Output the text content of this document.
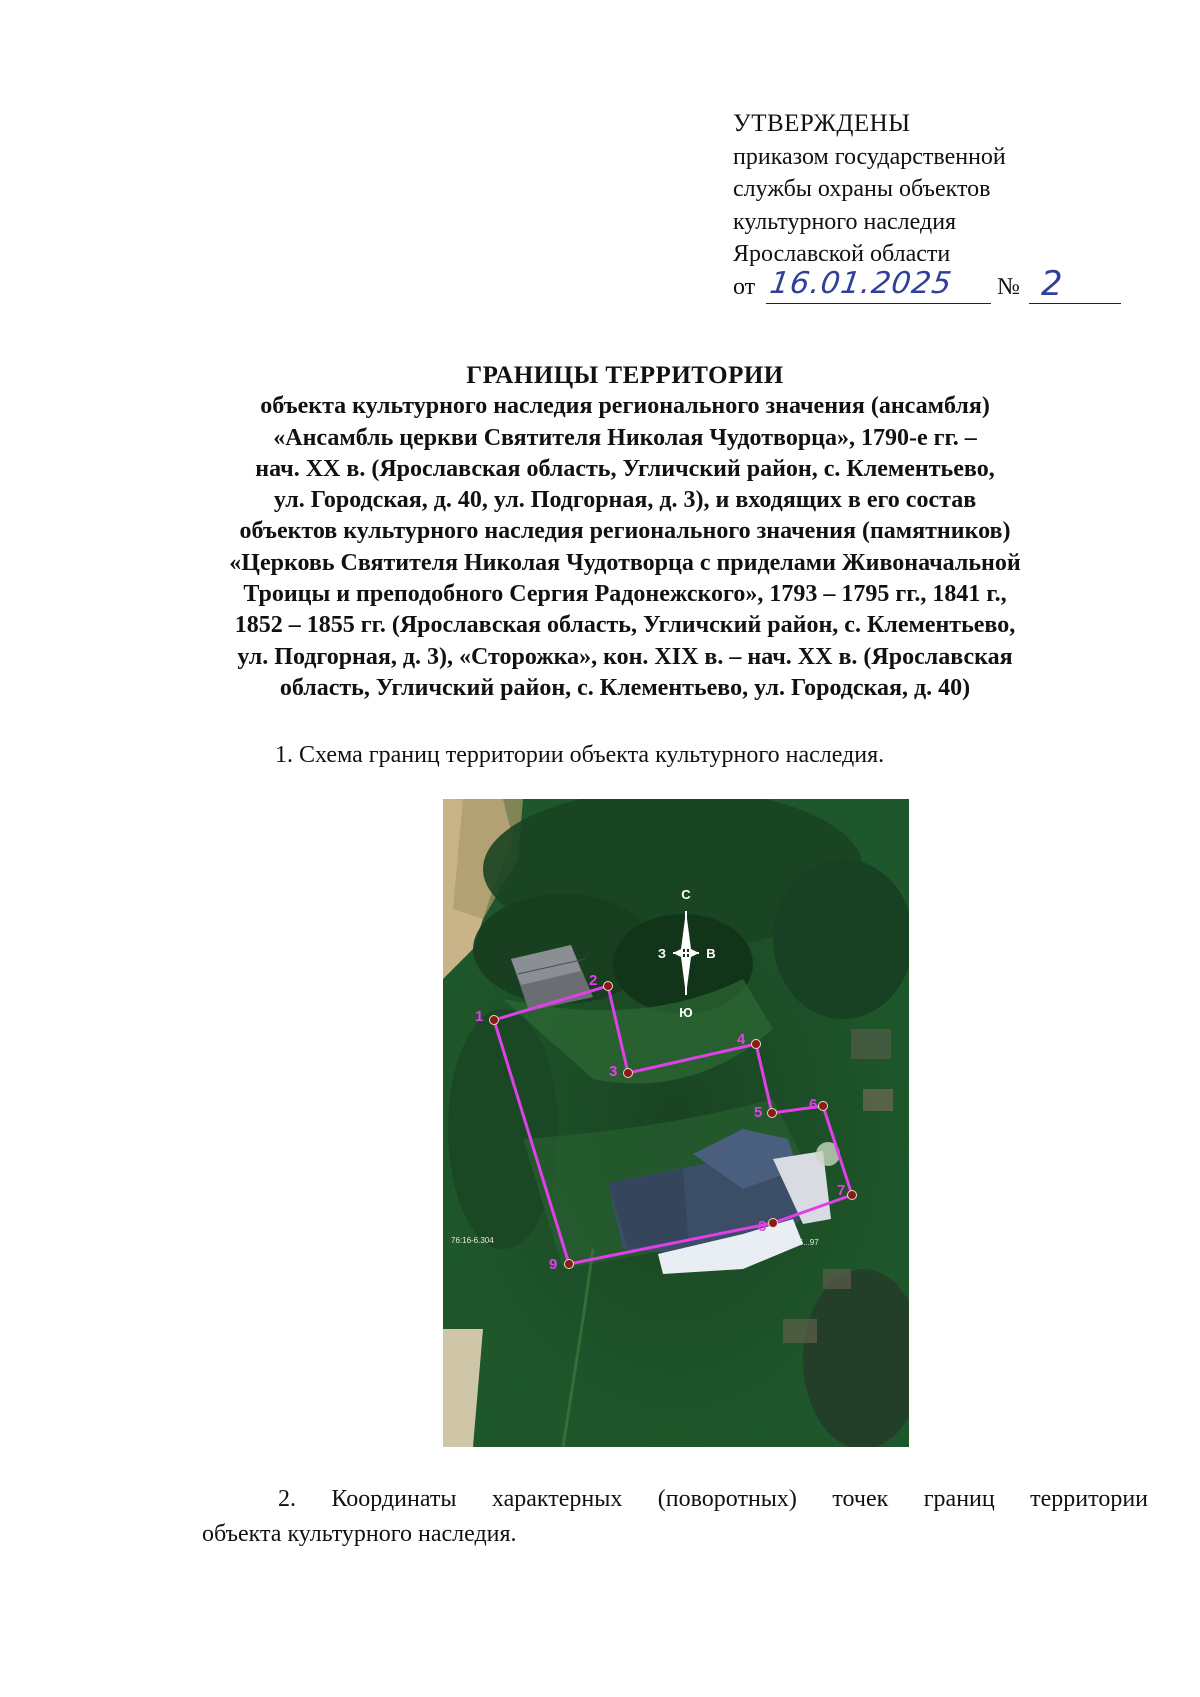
УТВЕРЖДЕНЫ
приказом государственной
службы охраны объектов
культурного наследия
Ярославской области
от 16.01.2025 № 2
ГРАНИЦЫ ТЕРРИТОРИИ
объекта культурного наследия регионального значения (ансамбля)
«Ансамбль церкви Святителя Николая Чудотворца», 1790-е гг. –
нач. XX в. (Ярославская область, Угличский район, с. Клементьево,
ул. Городская, д. 40, ул. Подгорная, д. 3), и входящих в его состав
объектов культурного наследия регионального значения (памятников)
«Церковь Святителя Николая Чудотворца с приделами Живоначальной
Троицы и преподобного Сергия Радонежского», 1793 – 1795 гг., 1841 г.,
1852 – 1855 гг. (Ярославская область, Угличский район, с. Клементьево,
ул. Подгорная, д. 3), «Сторожка», кон. XIX в. – нач. XX в. (Ярославская
область, Угличский район, с. Клементьево, ул. Городская, д. 40)
1. Схема границ территории объекта культурного наследия.
С
Ю
З	В
1
2
3
4
5	6
7
8
9
76:16-6.304	76:16-6...97
2. Координаты характерных (поворотных) точек границ территории
объекта культурного наследия.
